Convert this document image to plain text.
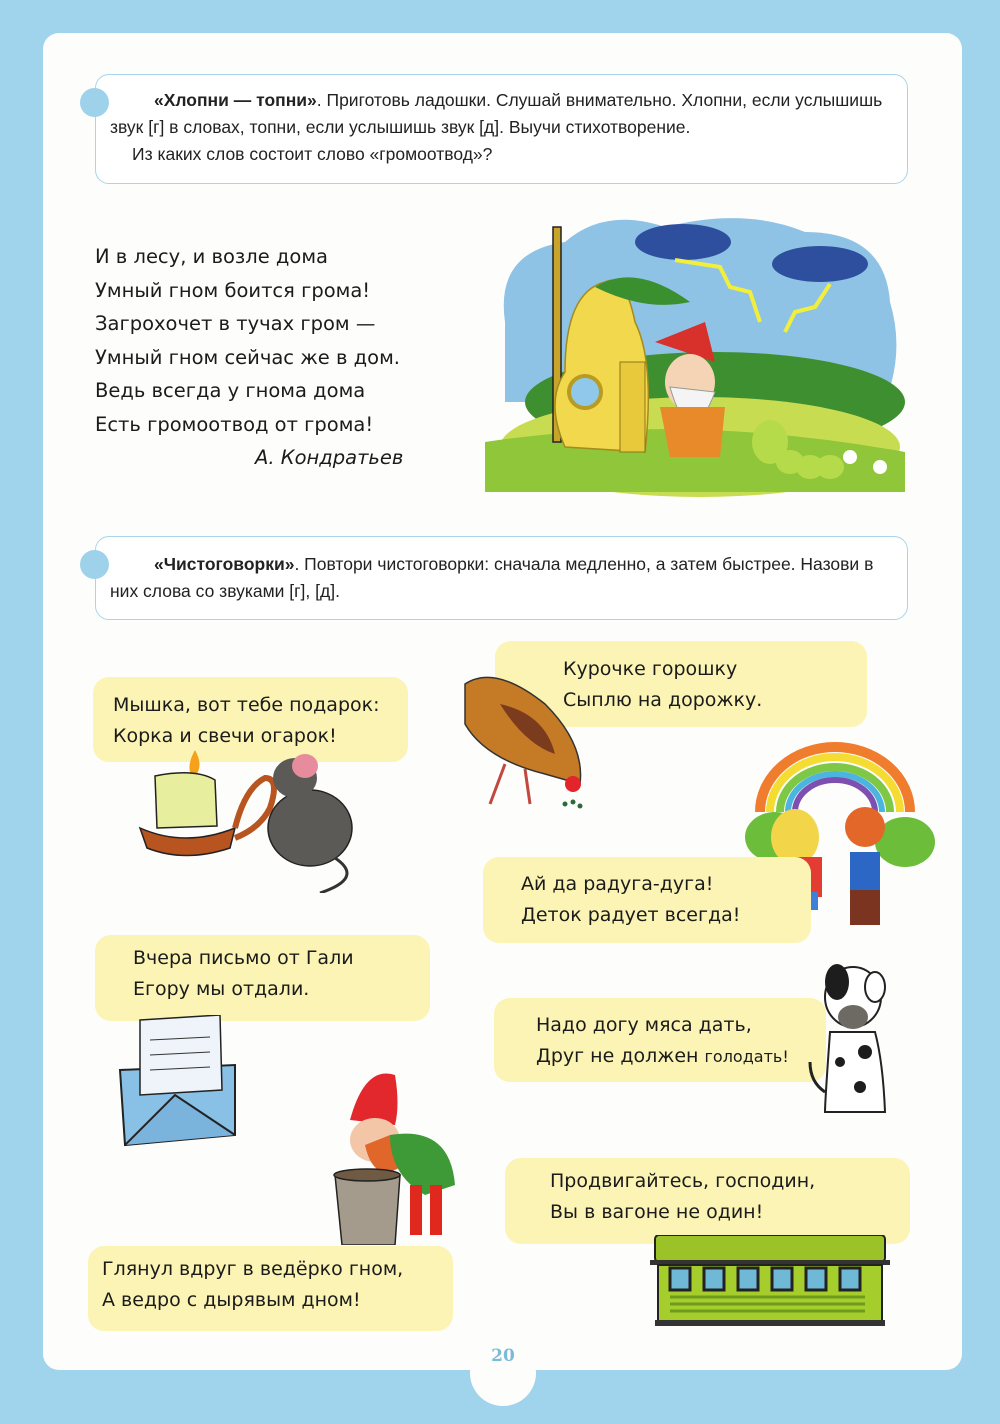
20

«Хлопни — топни». Приготовь ладошки. Слушай внимательно. Хлопни, если услышишь звук [г] в словах, топни, если услышишь звук [д]. Выучи стихотворение.

Из каких слов состоит слово «громоотвод»?

И в лесу, и возле дома
Умный гном боится грома!
Загрохочет в тучах гром —
Умный гном сейчас же в дом.
Ведь всегда у гнома дома
Есть громоотвод от грома!
А. Кондратьев

«Чистоговорки». Повтори чистоговорки: сначала медленно, а затем быстрее. Назови в них слова со звуками [г], [д].

Мышка, вот тебе подарок:
Корка и свечи огарок!
Курочке горошку
Сыплю на дорожку.
Ай да радуга-дуга!
Деток радует всегда!
Вчера письмо от Гали
Егору мы отдали.
Надо догу мяса дать,
Друг не должен голодать!
Глянул вдруг в ведёрко гном,
А ведро с дырявым дном!
Продвигайтесь, господин,
Вы в вагоне не один!
